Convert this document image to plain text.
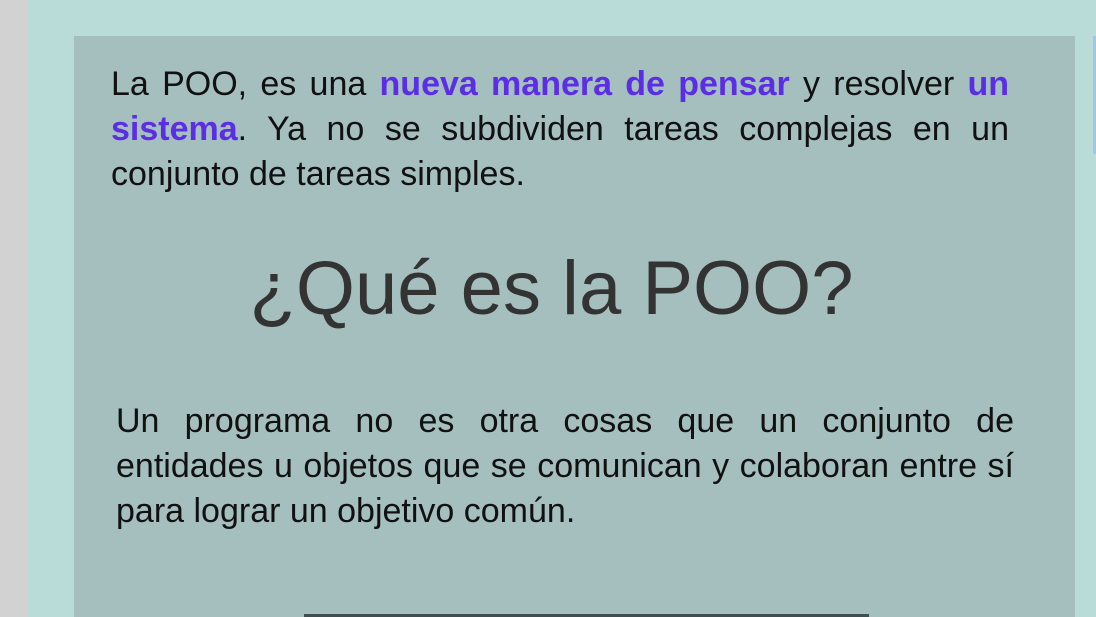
La POO, es una nueva manera de pensar y resolver un sistema. Ya no se subdividen tareas complejas en un conjunto de tareas simples.

¿Qué es la POO?

Un programa no es otra cosas que un conjunto de entidades u objetos que se comunican y colaboran entre sí para lograr un objetivo común.
